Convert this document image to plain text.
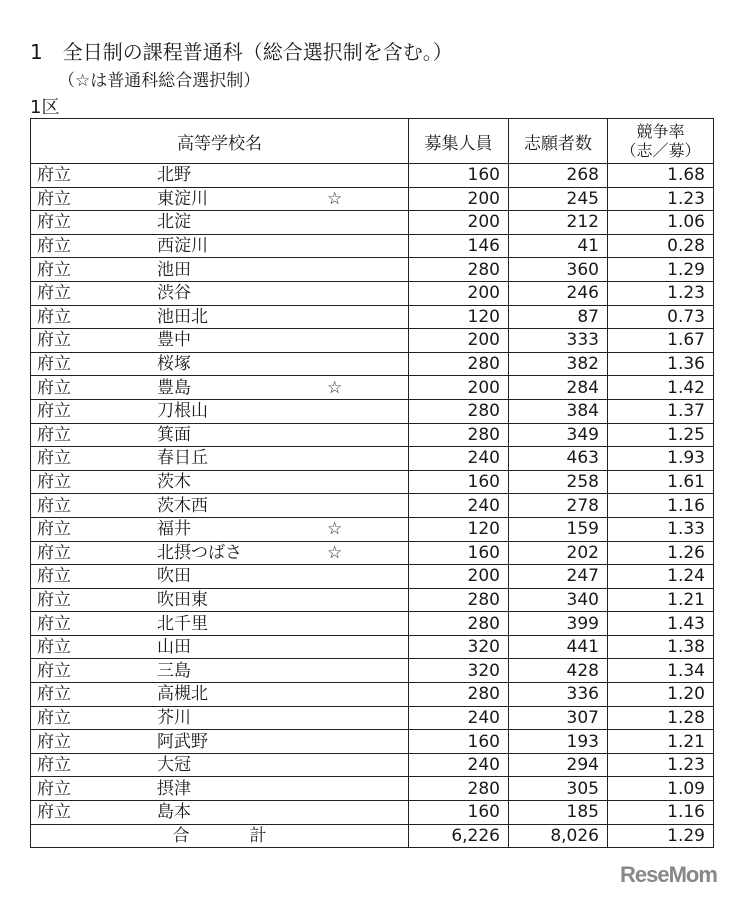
1　全日制の課程普通科（総合選択制を含む。）
（☆は普通科総合選択制）
1区
高等学校名	募集人員	志願者数	競争率
（志／募）
府立 北野	160	268	1.68
府立 東淀川 ☆	200	245	1.23
府立 北淀	200	212	1.06
府立 西淀川	146	41	0.28
府立 池田	280	360	1.29
府立 渋谷	200	246	1.23
府立 池田北	120	87	0.73
府立 豊中	200	333	1.67
府立 桜塚	280	382	1.36
府立 豊島 ☆	200	284	1.42
府立 刀根山	280	384	1.37
府立 箕面	280	349	1.25
府立 春日丘	240	463	1.93
府立 茨木	160	258	1.61
府立 茨木西	240	278	1.16
府立 福井 ☆	120	159	1.33
府立 北摂つばさ ☆	160	202	1.26
府立 吹田	200	247	1.24
府立 吹田東	280	340	1.21
府立 北千里	280	399	1.43
府立 山田	320	441	1.38
府立 三島	320	428	1.34
府立 高槻北	280	336	1.20
府立 芥川	240	307	1.28
府立 阿武野	160	193	1.21
府立 大冠	240	294	1.23
府立 摂津	280	305	1.09
府立 島本	160	185	1.16
合 計	6,226	8,026	1.29
ReseMom
